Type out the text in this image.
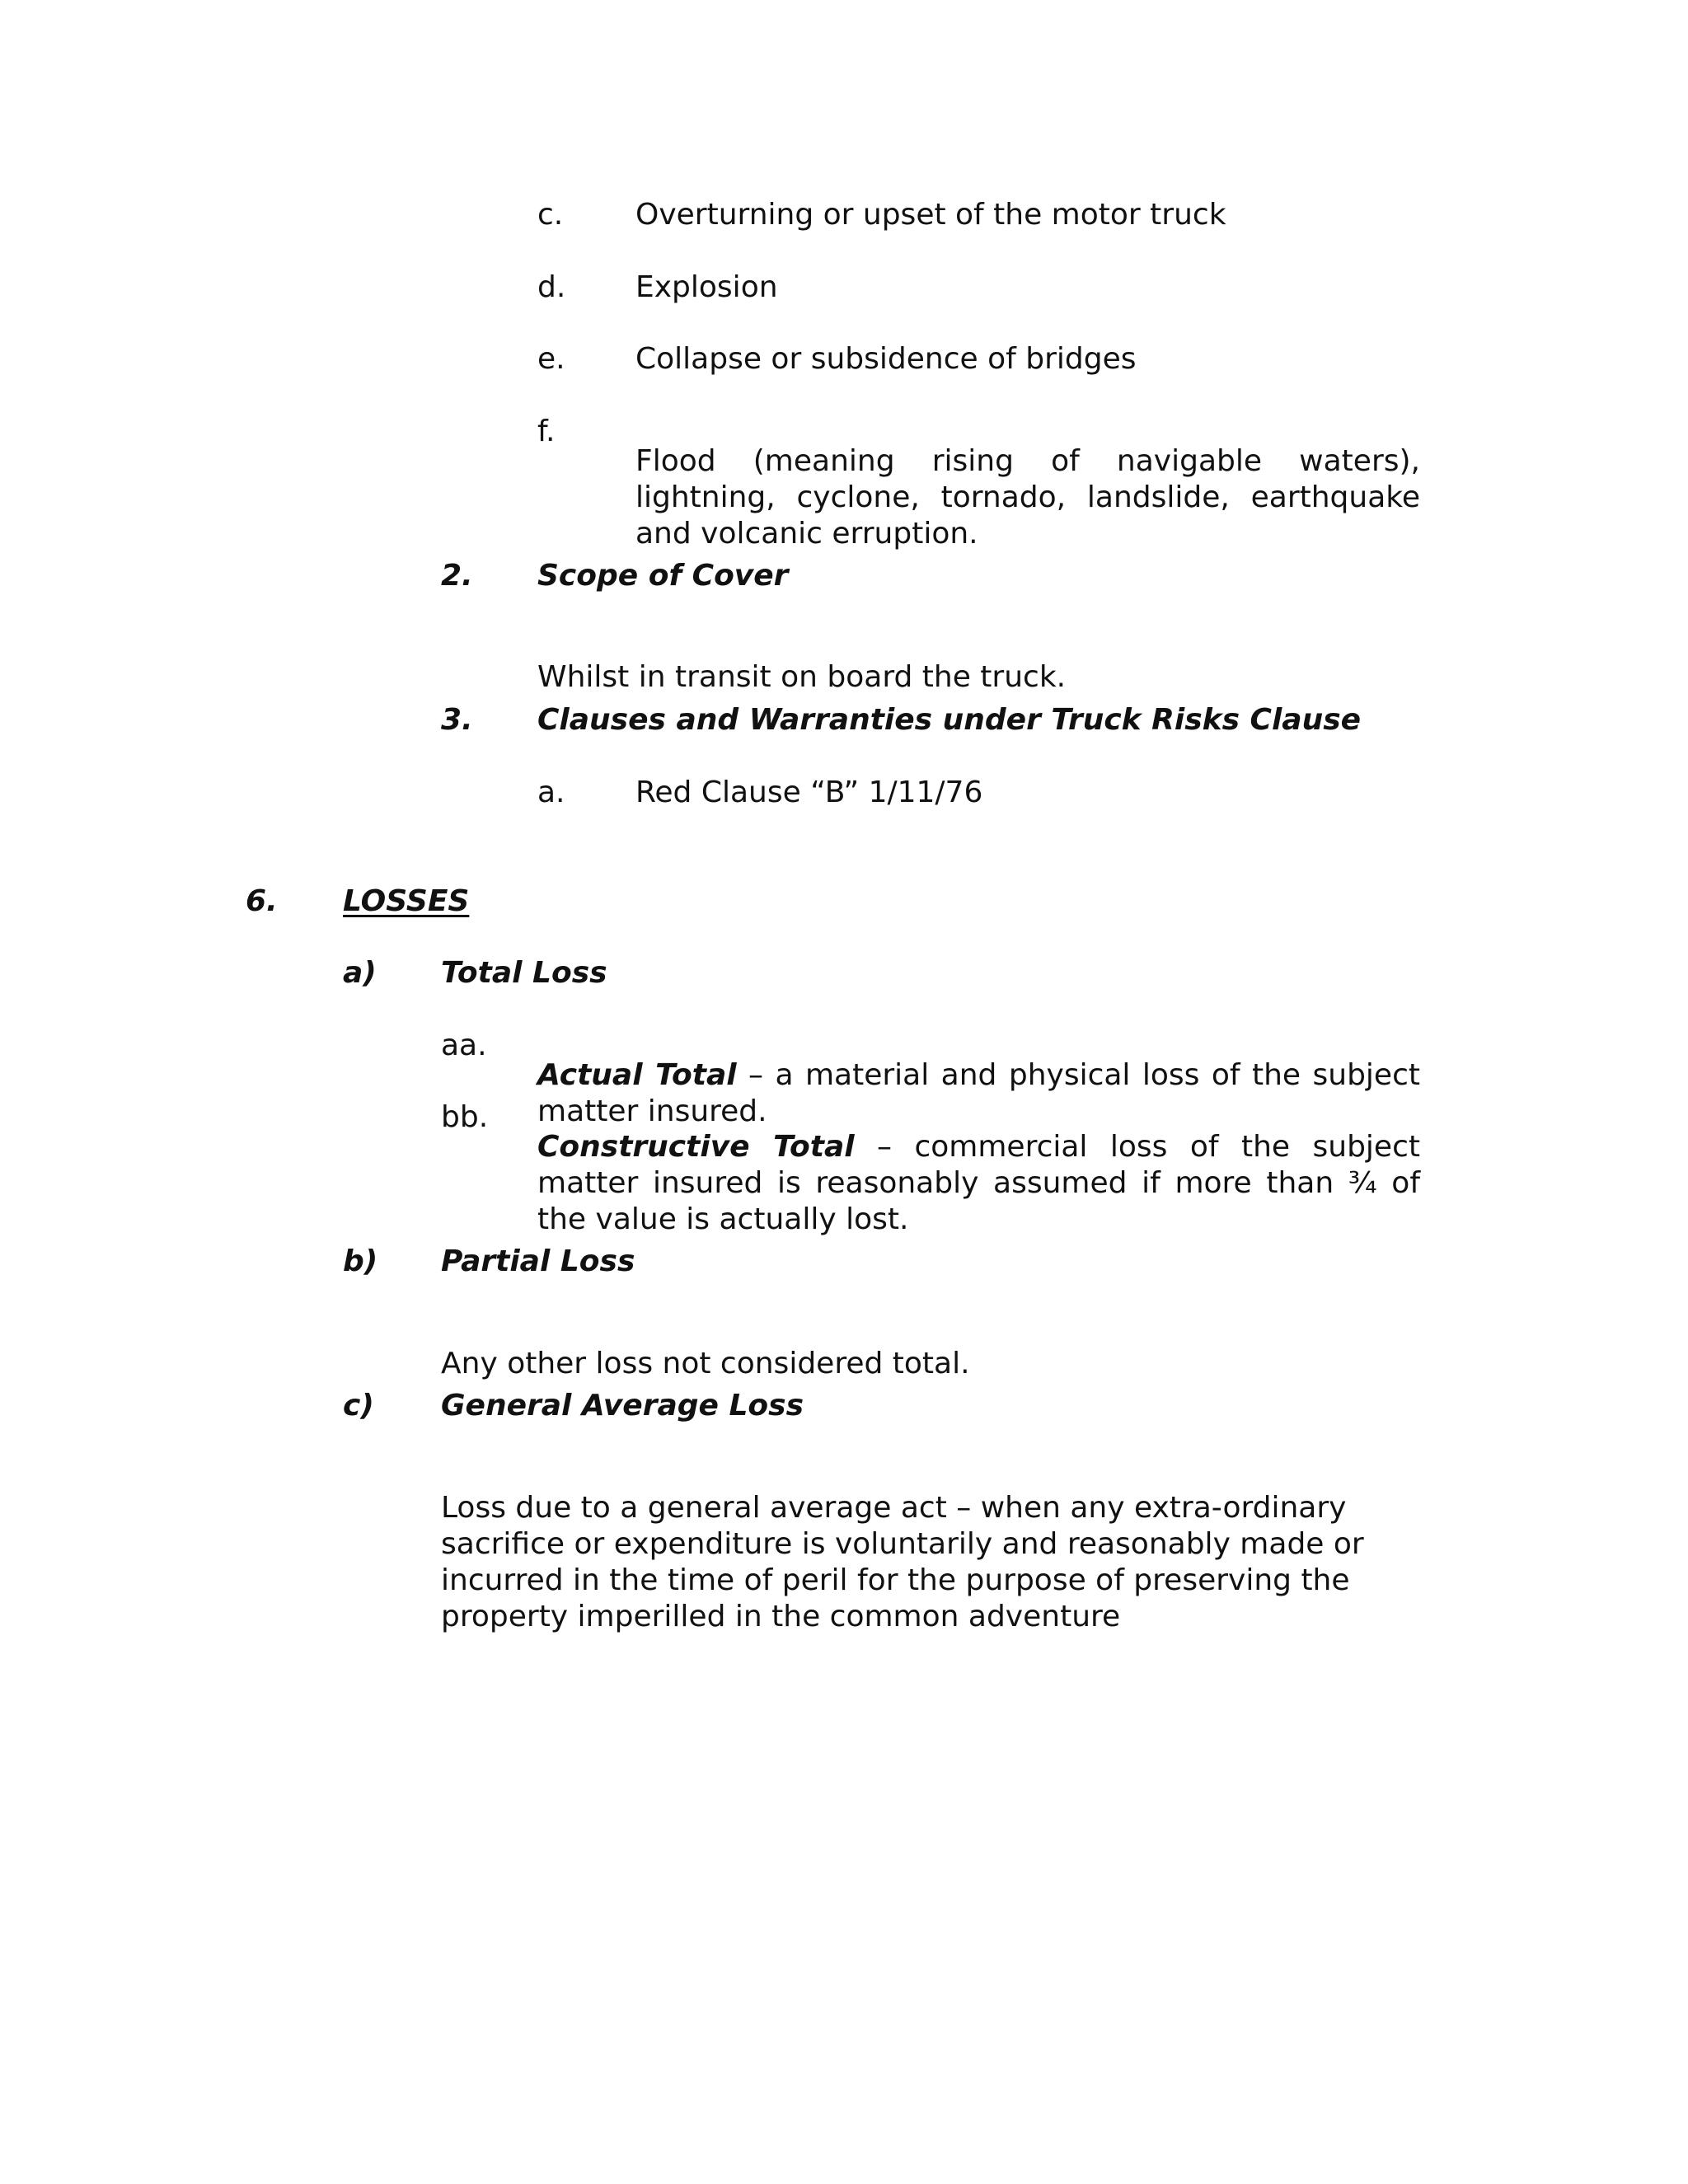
c. Overturning or upset of the motor truck
d. Explosion
e. Collapse or subsidence of bridges
f.

Flood (meaning rising of navigable waters), lightning, cyclone, tornado, landslide, earthquake and volcanic erruption.

2. Scope of Cover

Whilst in transit on board the truck.

3. Clauses and Warranties under Truck Risks Clause
a. Red Clause “B” 1/11/76
6. LOSSES
a) Total Loss
aa.

Actual Total – a material and physical loss of the subject matter insured.

bb.

Constructive Total – commercial loss of the subject matter insured is reasonably assumed if more than ¾ of the value is actually lost.

b) Partial Loss

Any other loss not considered total.

c) General Average Loss

Loss due to a general average act – when any extra-ordinary sacrifice or expenditure is voluntarily and reasonably made or incurred in the time of peril for the purpose of preserving the property imperilled in the common adventure
